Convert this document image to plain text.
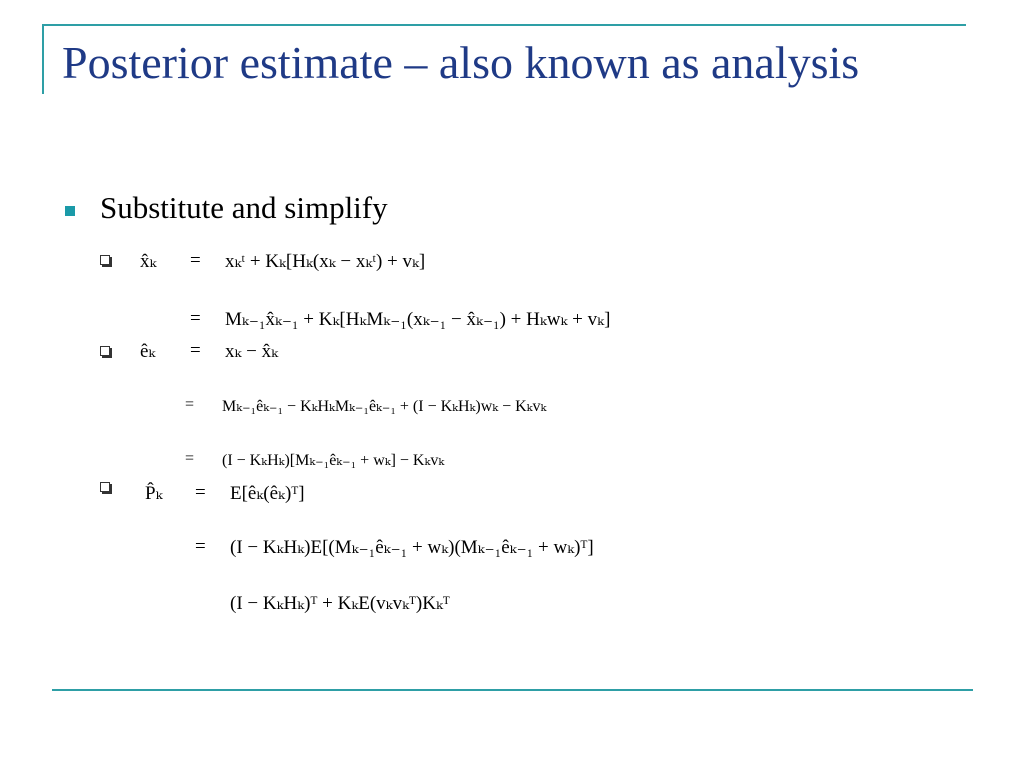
Posterior estimate – also known as analysis
Substitute and simplify
x̂ₖ = xₖᵗ + Kₖ[Hₖ(xₖ − xₖᵗ) + vₖ]
= Mₖ₋₁x̂ₖ₋₁ + Kₖ[HₖMₖ₋₁(xₖ₋₁ − x̂ₖ₋₁) + Hₖwₖ + vₖ]
êₖ = xₖ − x̂ₖ
= Mₖ₋₁êₖ₋₁ − KₖHₖMₖ₋₁êₖ₋₁ + (I − KₖHₖ)wₖ − Kₖvₖ
= (I − KₖHₖ)[Mₖ₋₁êₖ₋₁ + wₖ] − Kₖvₖ
P̂ₖ = E[êₖ(êₖ)ᵀ]
= (I − KₖHₖ)E[(Mₖ₋₁êₖ₋₁ + wₖ)(Mₖ₋₁êₖ₋₁ + wₖ)ᵀ]
(I − KₖHₖ)ᵀ + KₖE(vₖvₖᵀ)Kₖᵀ
